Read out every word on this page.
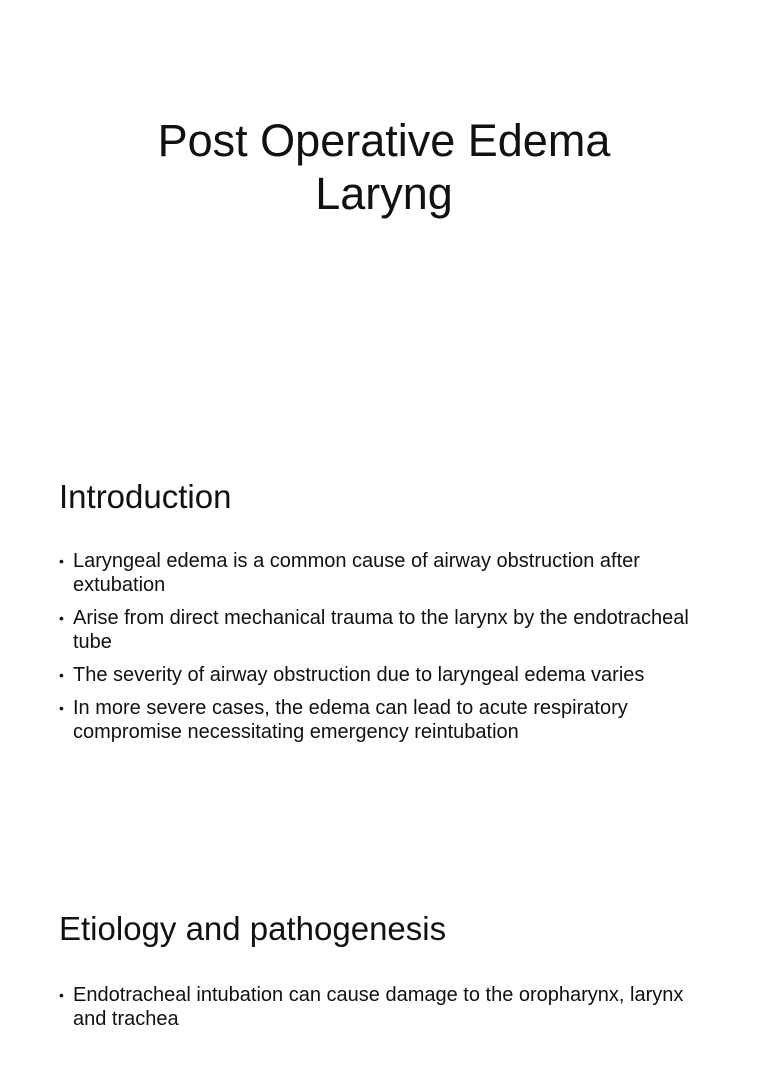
Post Operative Edema
Laryng
Introduction
• Laryngeal edema is a common cause of airway obstruction after extubation
• Arise from direct mechanical trauma to the larynx by the endotracheal tube
• The severity of airway obstruction due to laryngeal edema varies
• In more severe cases, the edema can lead to acute respiratory compromise necessitating emergency reintubation
Etiology and pathogenesis
• Endotracheal intubation can cause damage to the oropharynx, larynx and trachea
